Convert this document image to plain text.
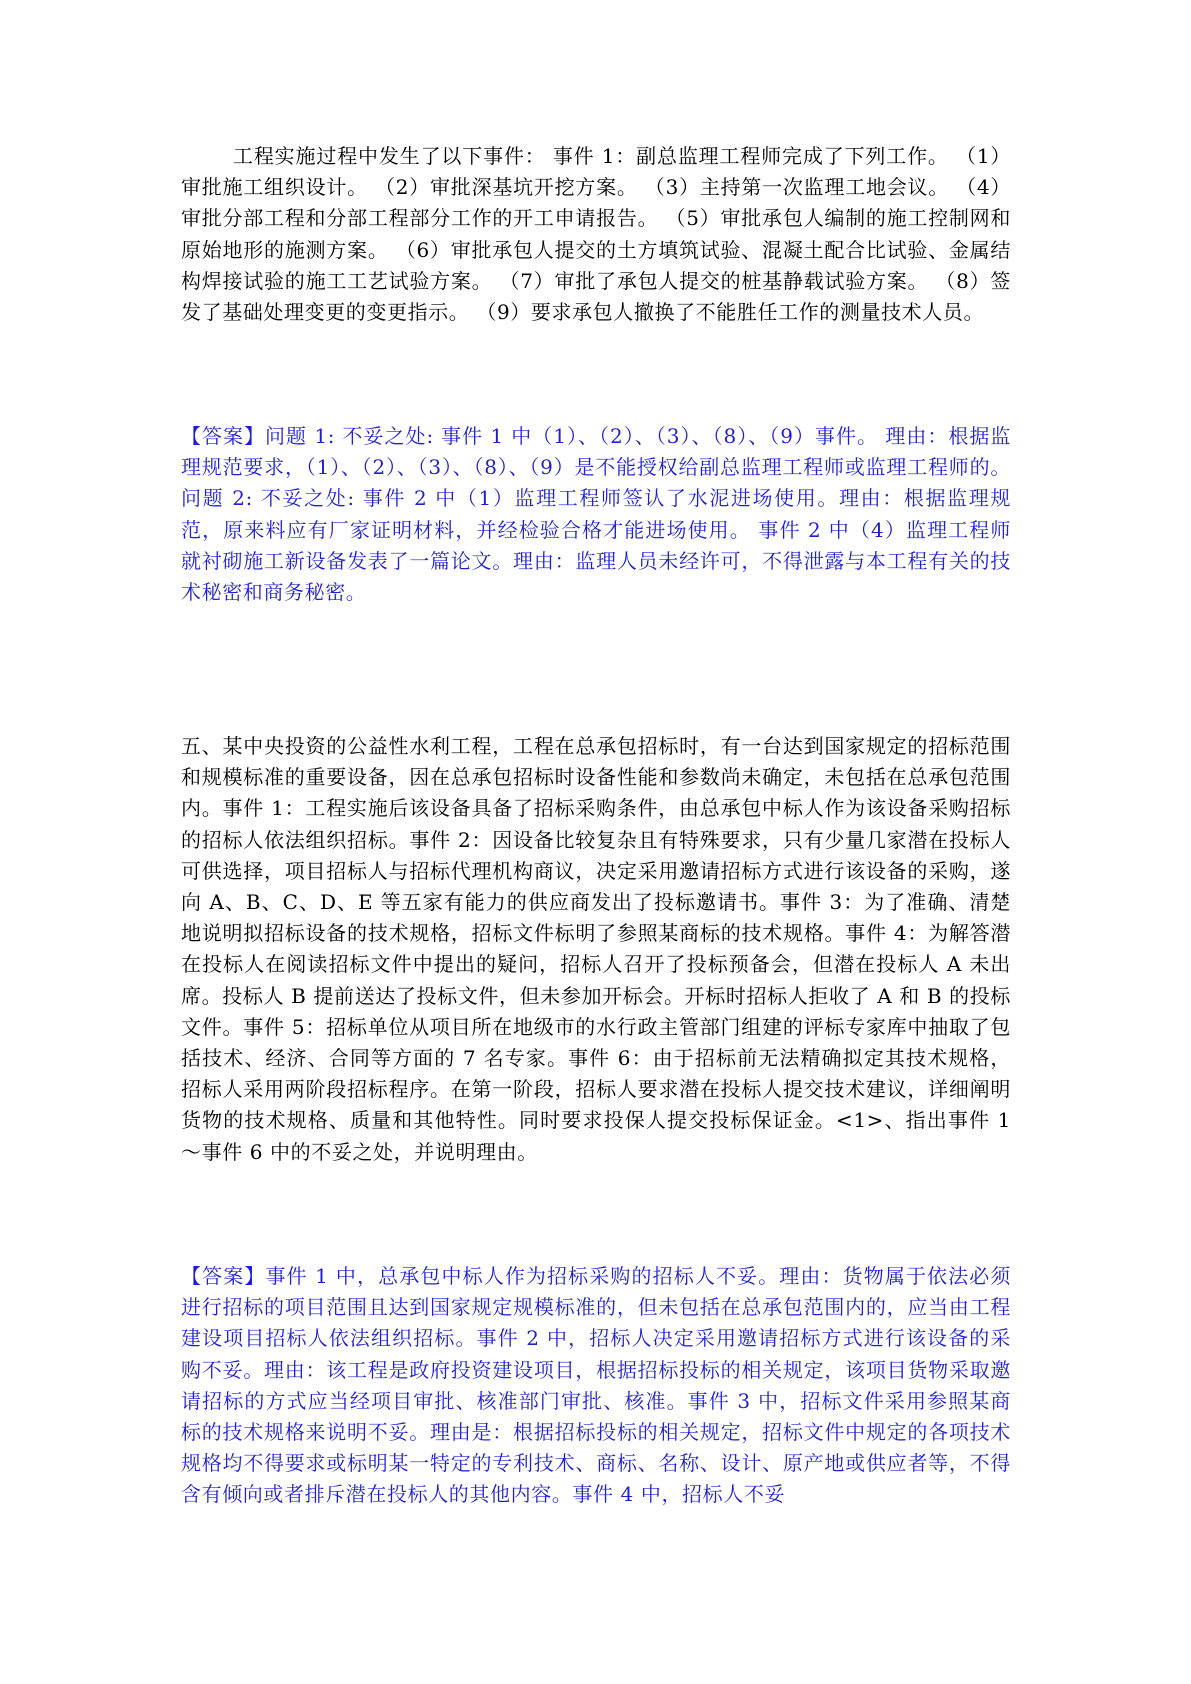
工程实施过程中发生了以下事件： 事件 1：副总监理工程师完成了下列工作。 （1）审批施工组织设计。 （2）审批深基坑开挖方案。 （3）主持第一次监理工地会议。 （4）审批分部工程和分部工程部分工作的开工申请报告。 （5）审批承包人编制的施工控制网和原始地形的施测方案。 （6）审批承包人提交的土方填筑试验、混凝土配合比试验、金属结构焊接试验的施工工艺试验方案。 （7）审批了承包人提交的桩基静载试验方案。 （8）签发了基础处理变更的变更指示。 （9）要求承包人撤换了不能胜任工作的测量技术人员。
【答案】问题 1: 不妥之处: 事件 1 中（1）、（2）、（3）、（8）、（9）事件。 理由：根据监理规范要求，（1）、（2）、（3）、（8）、（9）是不能授权给副总监理工程师或监理工程师的。 问题 2: 不妥之处: 事件 2 中（1）监理工程师签认了水泥进场使用。理由：根据监理规范，原来料应有厂家证明材料，并经检验合格才能进场使用。 事件 2 中（4）监理工程师就衬砌施工新设备发表了一篇论文。理由：监理人员未经许可，不得泄露与本工程有关的技术秘密和商务秘密。
五、某中央投资的公益性水利工程，工程在总承包招标时，有一台达到国家规定的招标范围和规模标准的重要设备，因在总承包招标时设备性能和参数尚未确定，未包括在总承包范围内。事件 1：工程实施后该设备具备了招标采购条件，由总承包中标人作为该设备采购招标的招标人依法组织招标。事件 2：因设备比较复杂且有特殊要求，只有少量几家潜在投标人可供选择，项目招标人与招标代理机构商议，决定采用邀请招标方式进行该设备的采购，遂向 A、B、C、D、E 等五家有能力的供应商发出了投标邀请书。事件 3：为了准确、清楚地说明拟招标设备的技术规格，招标文件标明了参照某商标的技术规格。事件 4：为解答潜在投标人在阅读招标文件中提出的疑问，招标人召开了投标预备会，但潜在投标人 A 未出席。投标人 B 提前送达了投标文件，但未参加开标会。开标时招标人拒收了 A 和 B 的投标文件。事件 5：招标单位从项目所在地级市的水行政主管部门组建的评标专家库中抽取了包括技术、经济、合同等方面的 7 名专家。事件 6：由于招标前无法精确拟定其技术规格，招标人采用两阶段招标程序。在第一阶段，招标人要求潜在投标人提交技术建议，详细阐明货物的技术规格、质量和其他特性。同时要求投保人提交投标保证金。<1>、指出事件 1～事件 6 中的不妥之处，并说明理由。
【答案】事件 1 中，总承包中标人作为招标采购的招标人不妥。理由：货物属于依法必须进行招标的项目范围且达到国家规定规模标准的，但未包括在总承包范围内的，应当由工程建设项目招标人依法组织招标。事件 2 中，招标人决定采用邀请招标方式进行该设备的采购不妥。理由：该工程是政府投资建设项目，根据招标投标的相关规定，该项目货物采取邀请招标的方式应当经项目审批、核准部门审批、核准。事件 3 中，招标文件采用参照某商标的技术规格来说明不妥。理由是：根据招标投标的相关规定，招标文件中规定的各项技术规格均不得要求或标明某一特定的专利技术、商标、名称、设计、原产地或供应者等，不得含有倾向或者排斥潜在投标人的其他内容。事件 4 中，招标人不妥
